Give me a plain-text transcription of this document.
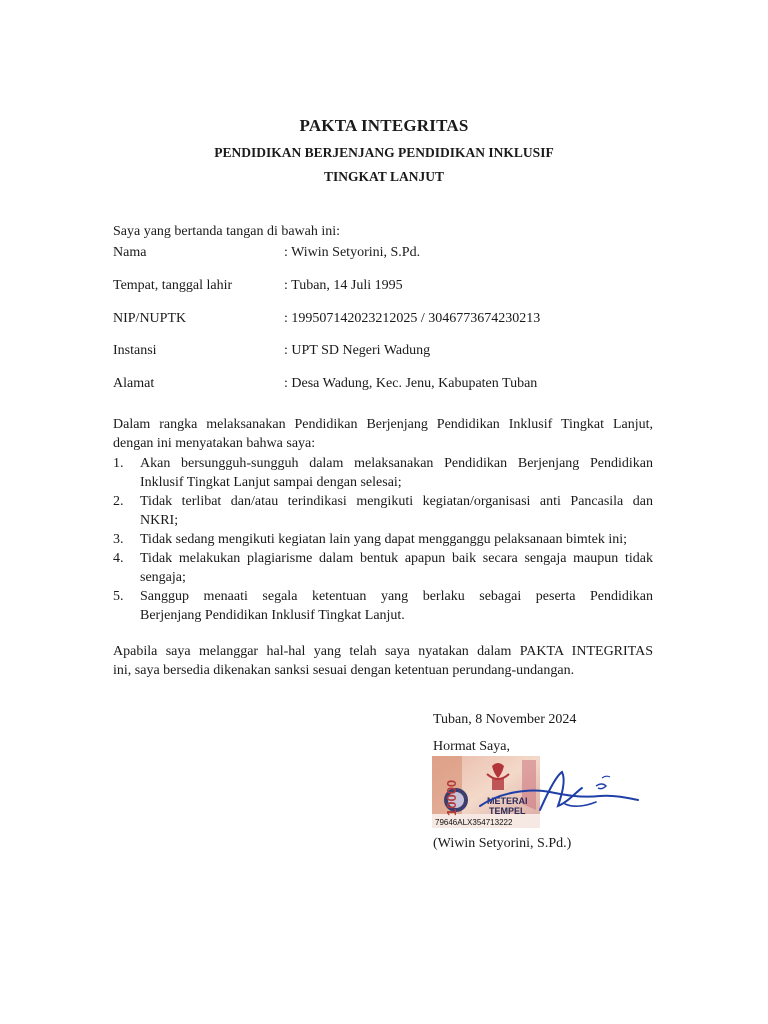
PAKTA INTEGRITAS
PENDIDIKAN BERJENJANG PENDIDIKAN INKLUSIF
TINGKAT LANJUT
Saya yang bertanda tangan di bawah ini:
Nama	: Wiwin Setyorini, S.Pd.
Tempat, tanggal lahir	: Tuban, 14 Juli 1995
NIP/NUPTK	: 199507142023212025 / 3046773674230213
Instansi	: UPT SD Negeri Wadung
Alamat	: Desa Wadung, Kec. Jenu, Kabupaten Tuban
Dalam rangka melaksanakan Pendidikan Berjenjang Pendidikan Inklusif Tingkat Lanjut,
dengan ini menyatakan bahwa saya:
1. Akan bersungguh-sungguh dalam melaksanakan Pendidikan Berjenjang Pendidikan
Inklusif Tingkat Lanjut sampai dengan selesai;
2. Tidak terlibat dan/atau terindikasi mengikuti kegiatan/organisasi anti Pancasila dan
NKRI;
3. Tidak sedang mengikuti kegiatan lain yang dapat mengganggu pelaksanaan bimtek ini;
4. Tidak melakukan plagiarisme dalam bentuk apapun baik secara sengaja maupun tidak
sengaja;
5. Sanggup menaati segala ketentuan yang berlaku sebagai peserta Pendidikan
Berjenjang Pendidikan Inklusif Tingkat Lanjut.
Apabila saya melanggar hal-hal yang telah saya nyatakan dalam PAKTA INTEGRITAS
ini, saya bersedia dikenakan sanksi sesuai dengan ketentuan perundang-undangan.
Tuban, 8 November 2024
Hormat Saya,
10000	METERAI
TEMPEL
79646ALX354713222
(Wiwin Setyorini, S.Pd.)
